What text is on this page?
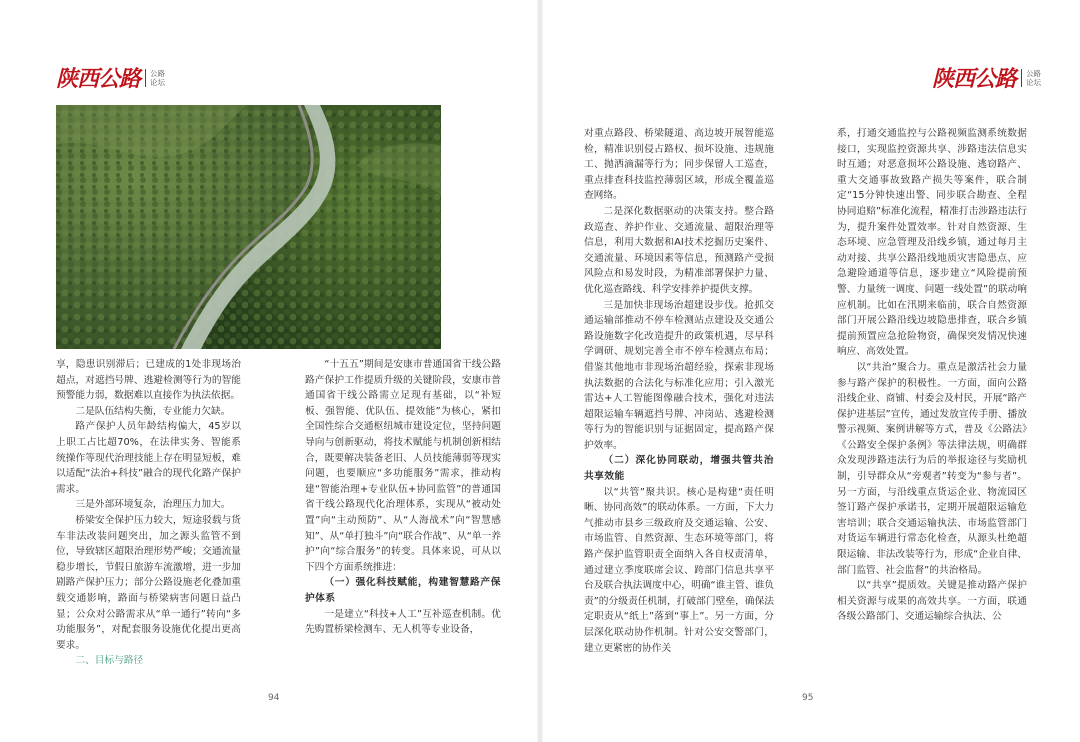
陕西公路 公路
论坛

享，隐患识别滞后；已建成的1处非现场治超点，对遮挡号牌、逃避检测等行为的智能预警能力弱，数据难以直接作为执法依据。

二是队伍结构失衡，专业能力欠缺。

路产保护人员年龄结构偏大，45岁以上职工占比超70%，在法律实务、智能系统操作等现代治理技能上存在明显短板，难以适配“法治+科技”融合的现代化路产保护需求。

三是外部环境复杂，治理压力加大。

桥梁安全保护压力较大，短途驳载与货车非法改装问题突出，加之源头监管不到位，导致辖区超限治理形势严峻；交通流量稳步增长，节假日旅游车流激增，进一步加剧路产保护压力；部分公路设施老化叠加重载交通影响，路面与桥梁病害问题日益凸显；公众对公路需求从“单一通行”转向“多功能服务”，对配套服务设施优化提出更高要求。

二、目标与路径

“十五五”期间是安康市普通国省干线公路路产保护工作提质升级的关键阶段，安康市普通国省干线公路需立足现有基础，以“补短板、强智能、优队伍、提效能”为核心，紧扣全国性综合交通枢纽城市建设定位，坚持问题导向与创新驱动，将技术赋能与机制创新相结合，既要解决装备老旧、人员技能薄弱等现实问题，也要顺应“多功能服务”需求，推动构建“智能治理+专业队伍+协同监管”的普通国省干线公路现代化治理体系，实现从“被动处置”向“主动预防”、从“人海战术”向“智慧感知”、从“单打独斗”向“联合作战”、从“单一养护”向“综合服务”的转变。具体来说，可从以下四个方面系统推进：

（一）强化科技赋能，构建智慧路产保护体系

一是建立“科技+人工”互补巡查机制。优先购置桥梁检测车、无人机等专业设备，

94
陕西公路 公路
论坛

对重点路段、桥梁隧道、高边坡开展智能巡检，精准识别侵占路权、损坏设施、违规施工、抛洒滴漏等行为；同步保留人工巡查，重点排查科技监控薄弱区域，形成全覆盖巡查网络。

二是深化数据驱动的决策支持。整合路政巡查、养护作业、交通流量、超限治理等信息，利用大数据和AI技术挖掘历史案件、交通流量、环境因素等信息，预测路产受损风险点和易发时段，为精准部署保护力量、优化巡查路线、科学安排养护提供支撑。

三是加快非现场治超建设步伐。抢抓交通运输部推动不停车检测站点建设及交通公路设施数字化改造提升的政策机遇，尽早科学调研、规划完善全市不停车检测点布局；借鉴其他地市非现场治超经验，探索非现场执法数据的合法化与标准化应用；引入激光雷达+人工智能图像融合技术，强化对违法超限运输车辆遮挡号牌、冲岗站、逃避检测等行为的智能识别与证据固定，提高路产保护效率。

（二）深化协同联动，增强共管共治共享效能

以“共管”聚共识。核心是构建“责任明晰、协同高效”的联动体系。一方面，下大力气推动市县乡三级政府及交通运输、公安、市场监管、自然资源、生态环境等部门，将路产保护监管职责全面纳入各自权责清单，通过建立季度联席会议、跨部门信息共享平台及联合执法调度中心，明确“谁主管、谁负责”的分级责任机制，打破部门壁垒，确保法定职责从“纸上”落到“事上”。另一方面，分层深化联动协作机制。针对公安交警部门，建立更紧密的协作关

系，打通交通监控与公路视频监测系统数据接口，实现监控资源共享、涉路违法信息实时互通；对恶意损坏公路设施、逃窃路产、重大交通事故致路产损失等案件，联合制定“15分钟快速出警、同步联合勘查、全程协同追赔”标准化流程，精准打击涉路违法行为，提升案件处置效率。针对自然资源、生态环境、应急管理及沿线乡镇，通过每月主动对接、共享公路沿线地质灾害隐患点、应急避险通道等信息，逐步建立“风险提前预警、力量统一调度、问题一线处置”的联动响应机制。比如在汛期来临前，联合自然资源部门开展公路沿线边坡隐患排查，联合乡镇提前预置应急抢险物资，确保突发情况快速响应、高效处置。

以“共治”聚合力。重点是激活社会力量参与路产保护的积极性。一方面，面向公路沿线企业、商铺、村委会及村民，开展“路产保护进基层”宣传，通过发放宣传手册、播放警示视频、案例讲解等方式，普及《公路法》《公路安全保护条例》等法律法规，明确群众发现涉路违法行为后的举报途径与奖励机制，引导群众从“旁观者”转变为“参与者”。另一方面，与沿线重点货运企业、物流园区签订路产保护承诺书，定期开展超限运输危害培训；联合交通运输执法、市场监管部门对货运车辆进行常态化检查，从源头杜绝超限运输、非法改装等行为，形成“企业自律、部门监管、社会监督”的共治格局。

以“共享”提质效。关键是推动路产保护相关资源与成果的高效共享。一方面，联通各级公路部门、交通运输综合执法、公

95
